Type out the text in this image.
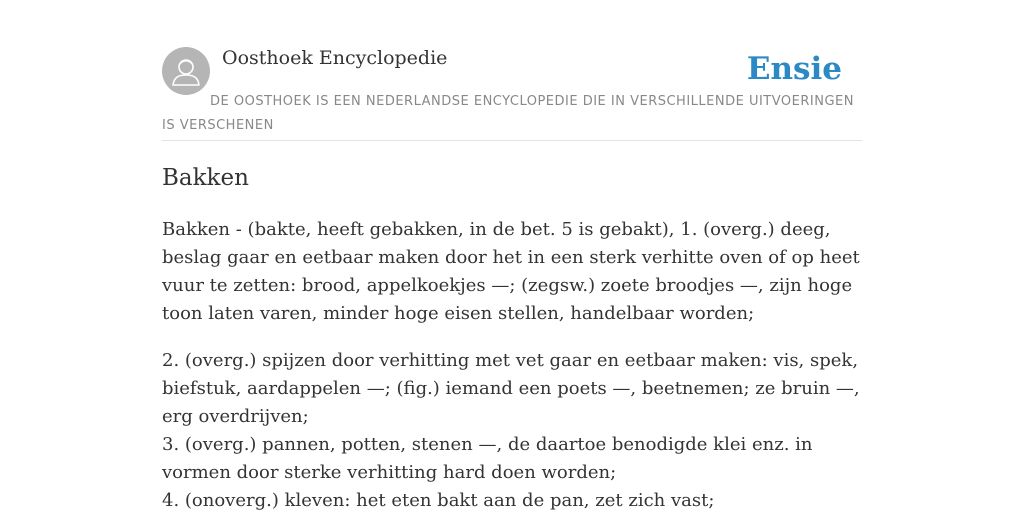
Oosthoek Encyclopedie	Ensie

DE OOSTHOEK IS EEN NEDERLANDSE ENCYCLOPEDIE DIE IN VERSCHILLENDE UITVOERINGEN IS VERSCHENEN

Bakken

Bakken - (bakte, heeft gebakken, in de bet. 5 is gebakt), 1. (overg.) deeg, beslag gaar en eetbaar maken door het in een sterk verhitte oven of op heet vuur te zetten: brood, appelkoekjes —; (zegsw.) zoete broodjes —, zijn hoge toon laten varen, minder hoge eisen stellen, handelbaar worden;

2. (overg.) spijzen door verhitting met vet gaar en eetbaar maken: vis, spek, biefstuk, aardappelen —; (fig.) iemand een poets —, beetnemen; ze bruin —, erg overdrijven;
3. (overg.) pannen, potten, stenen —, de daartoe benodigde klei enz. in vormen door sterke verhitting hard doen worden;
4. (onoverg.) kleven: het eten bakt aan de pan, zet zich vast;
